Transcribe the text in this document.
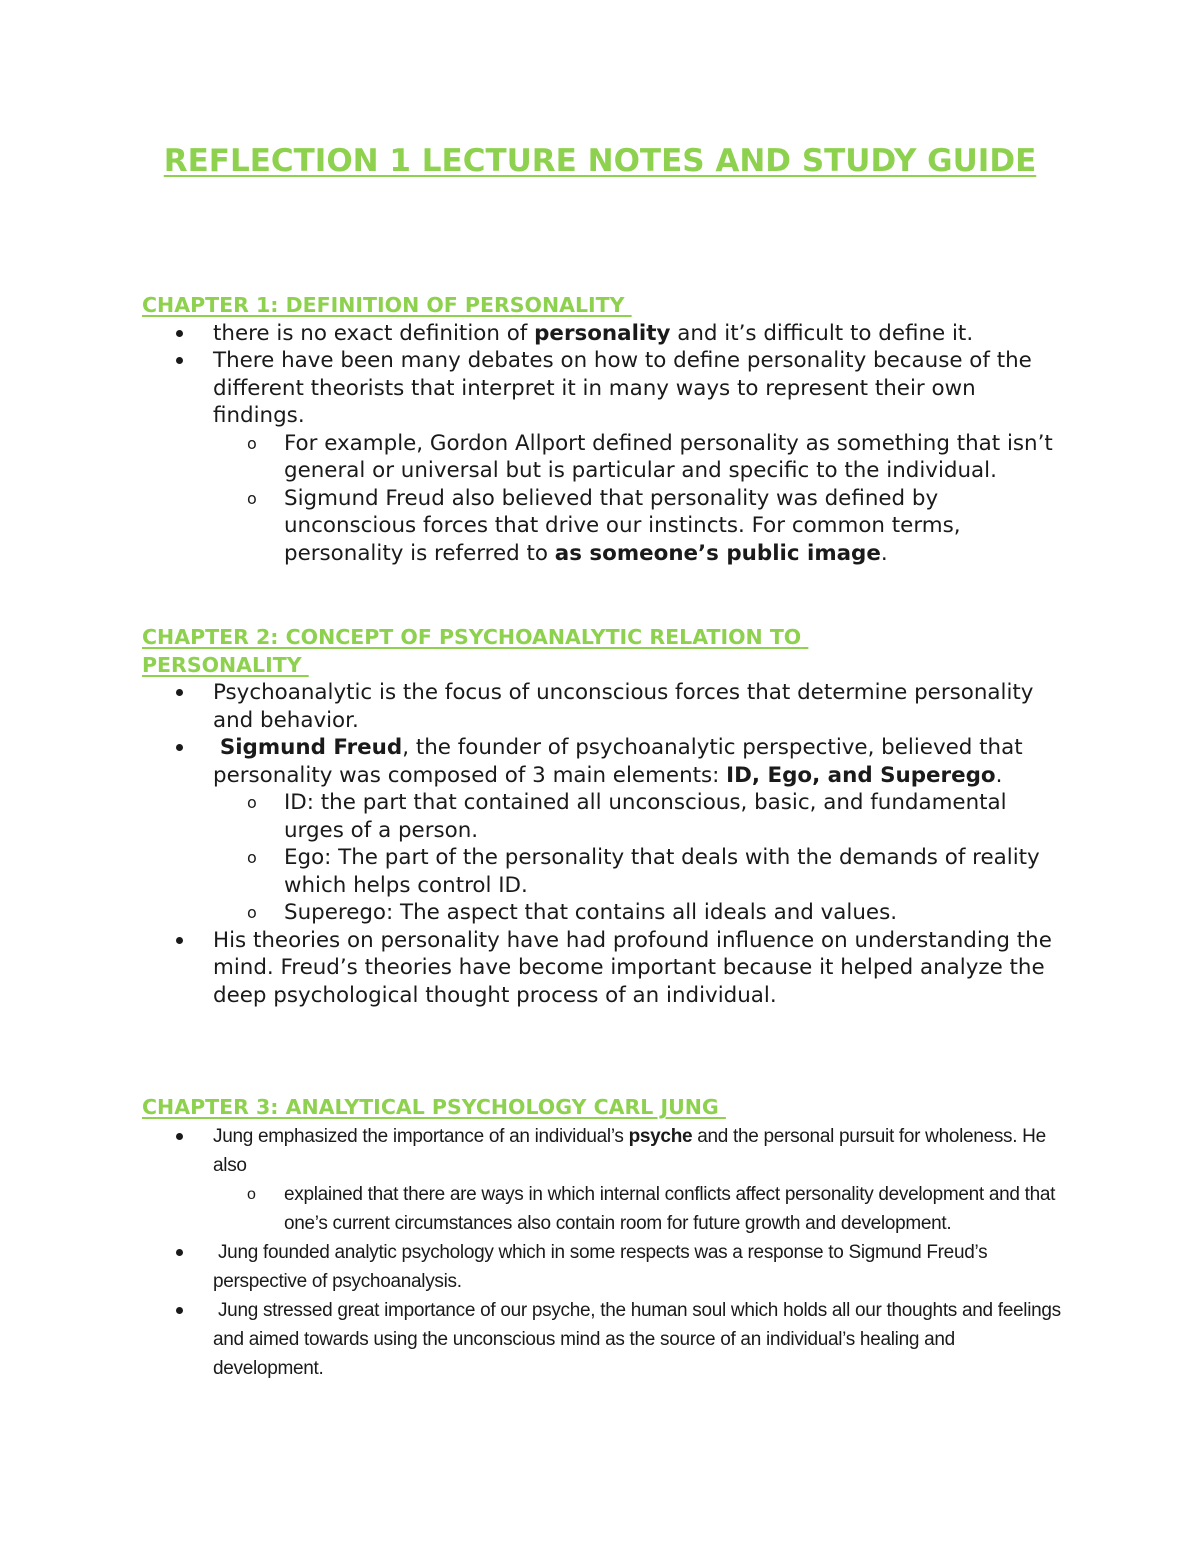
REFLECTION 1 LECTURE NOTES AND STUDY GUIDE
CHAPTER 1: DEFINITION OF PERSONALITY
there is no exact definition of personality and it’s difficult to define it.
There have been many debates on how to define personality because of the different theorists that interpret it in many ways to represent their own findings.
o For example, Gordon Allport defined personality as something that isn’t general or universal but is particular and specific to the individual.
o Sigmund Freud also believed that personality was defined by unconscious forces that drive our instincts. For common terms, personality is referred to as someone’s public image.
CHAPTER 2: CONCEPT OF PSYCHOANALYTIC RELATION TO PERSONALITY
Psychoanalytic is the focus of unconscious forces that determine personality and behavior.
Sigmund Freud, the founder of psychoanalytic perspective, believed that personality was composed of 3 main elements: ID, Ego, and Superego.
o ID: the part that contained all unconscious, basic, and fundamental urges of a person.
o Ego: The part of the personality that deals with the demands of reality which helps control ID.
o Superego: The aspect that contains all ideals and values.
His theories on personality have had profound influence on understanding the mind. Freud’s theories have become important because it helped analyze the deep psychological thought process of an individual.
CHAPTER 3: ANALYTICAL PSYCHOLOGY CARL JUNG
Jung emphasized the importance of an individual’s psyche and the personal pursuit for wholeness. He also
o explained that there are ways in which internal conflicts affect personality development and that one’s current circumstances also contain room for future growth and development.
Jung founded analytic psychology which in some respects was a response to Sigmund Freud’s perspective of psychoanalysis.
Jung stressed great importance of our psyche, the human soul which holds all our thoughts and feelings and aimed towards using the unconscious mind as the source of an individual’s healing and development.
